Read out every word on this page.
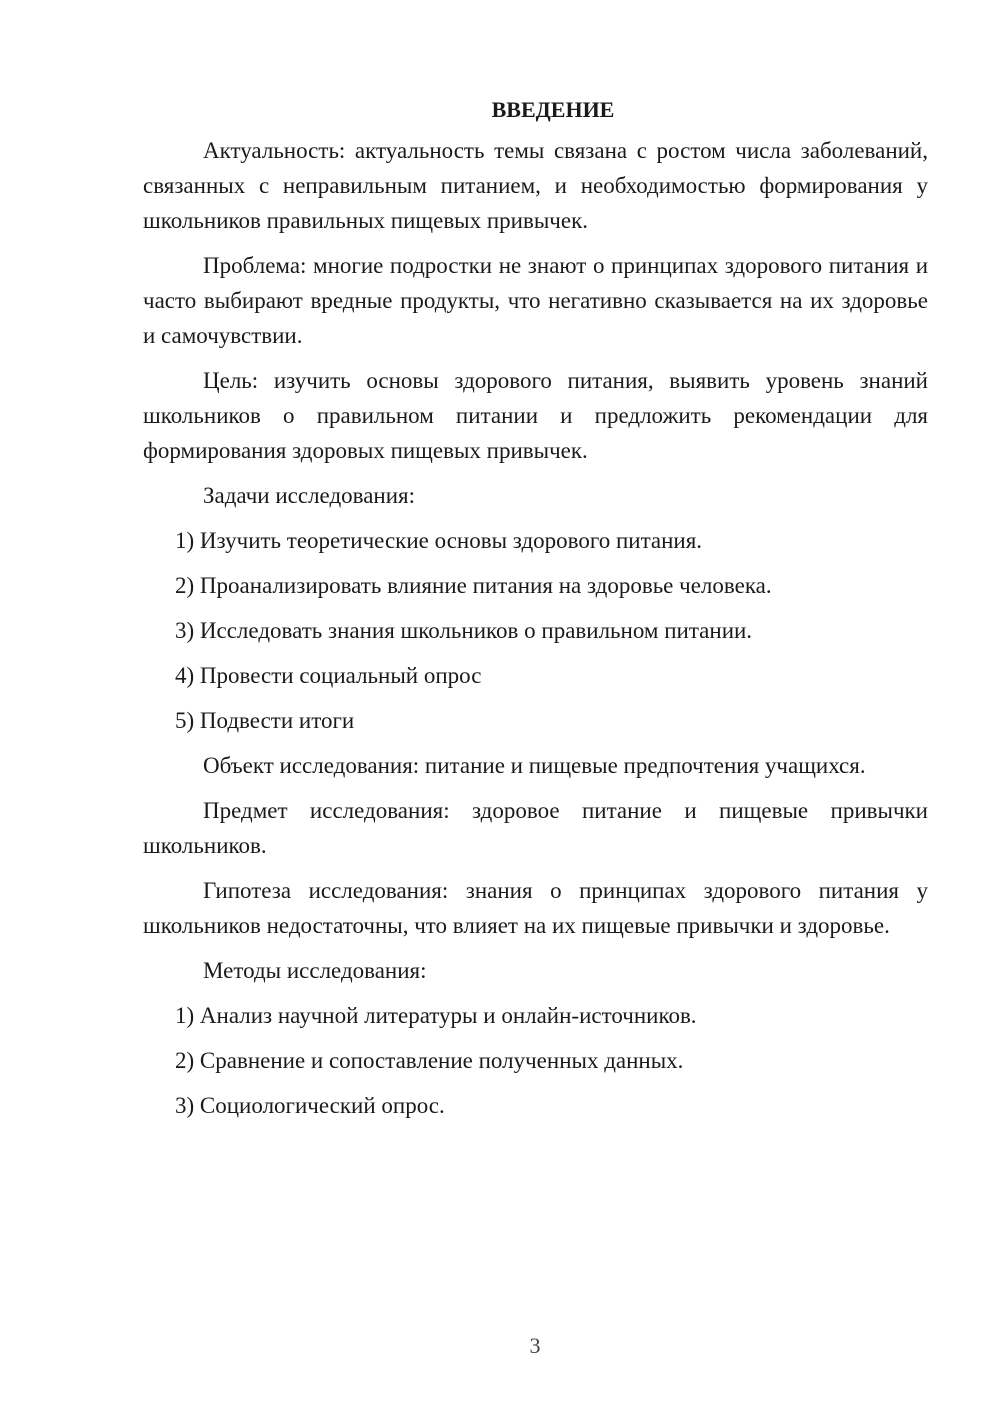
ВВЕДЕНИЕ

Актуальность: актуальность темы связана с ростом числа заболеваний, связанных с неправильным питанием, и необходимостью формирования у школьников правильных пищевых привычек.

Проблема: многие подростки не знают о принципах здорового питания и часто выбирают вредные продукты, что негативно сказывается на их здоровье и самочувствии.

Цель: изучить основы здорового питания, выявить уровень знаний школьников о правильном питании и предложить рекомендации для формирования здоровых пищевых привычек.

Задачи исследования:

1) Изучить теоретические основы здорового питания.
2) Проанализировать влияние питания на здоровье человека.
3) Исследовать знания школьников о правильном питании.
4) Провести социальный опрос
5) Подвести итоги

Объект исследования: питание и пищевые предпочтения учащихся.

Предмет исследования: здоровое питание и пищевые привычки школьников.

Гипотеза исследования: знания о принципах здорового питания у школьников недостаточны, что влияет на их пищевые привычки и здоровье.

Методы исследования:

1) Анализ научной литературы и онлайн-источников.
2) Сравнение и сопоставление полученных данных.
3) Социологический опрос.
3
